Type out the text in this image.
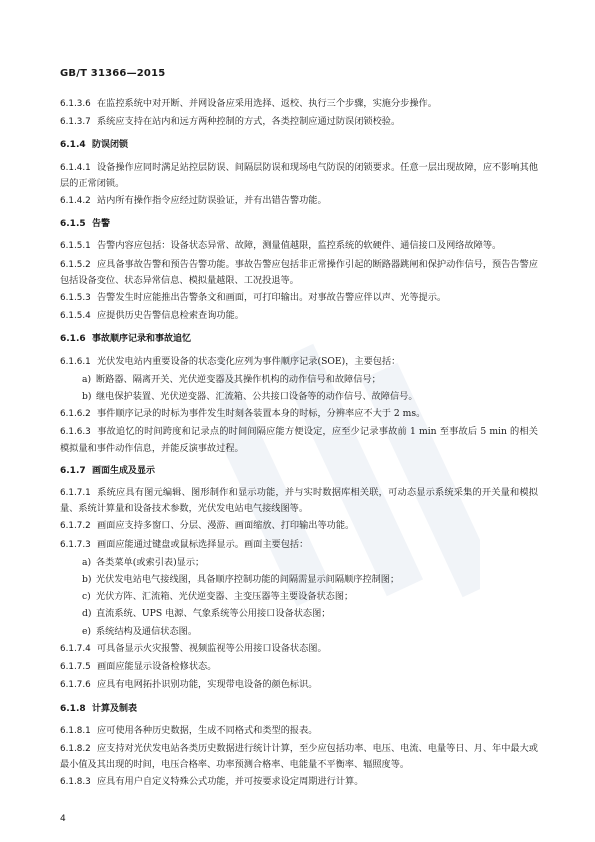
GB/T 31366—2015
6.1.3.6 在监控系统中对开断、并网设备应采用选择、返校、执行三个步骤，实施分步操作。
6.1.3.7 系统应支持在站内和远方两种控制的方式，各类控制应通过防误闭锁校验。
6.1.4 防误闭锁
6.1.4.1 设备操作应同时满足站控层防误、间隔层防误和现场电气防误的闭锁要求。任意一层出现故障，应不影响其他层的正常闭锁。
6.1.4.2 站内所有操作指令应经过防误验证，并有出错告警功能。
6.1.5 告警
6.1.5.1 告警内容应包括：设备状态异常、故障，测量值越限，监控系统的软硬件、通信接口及网络故障等。
6.1.5.2 应具备事故告警和预告告警功能。事故告警应包括非正常操作引起的断路器跳闸和保护动作信号，预告告警应包括设备变位、状态异常信息、模拟量越限、工况投退等。
6.1.5.3 告警发生时应能推出告警条文和画面，可打印输出。对事故告警应伴以声、光等提示。
6.1.5.4 应提供历史告警信息检索查询功能。
6.1.6 事故顺序记录和事故追忆
6.1.6.1 光伏发电站内重要设备的状态变化应列为事件顺序记录(SOE)，主要包括：
a) 断路器、隔离开关、光伏逆变器及其操作机构的动作信号和故障信号；
b) 继电保护装置、光伏逆变器、汇流箱、公共接口设备等的动作信号、故障信号。
6.1.6.2 事件顺序记录的时标为事件发生时刻各装置本身的时标，分辨率应不大于 2 ms。
6.1.6.3 事故追忆的时间跨度和记录点的时间间隔应能方便设定，应至少记录事故前 1 min 至事故后 5 min 的相关模拟量和事件动作信息，并能反演事故过程。
6.1.7 画面生成及显示
6.1.7.1 系统应具有图元编辑、图形制作和显示功能，并与实时数据库相关联，可动态显示系统采集的开关量和模拟量、系统计算量和设备技术参数，光伏发电站电气接线图等。
6.1.7.2 画面应支持多窗口、分层、漫游、画面缩放、打印输出等功能。
6.1.7.3 画面应能通过键盘或鼠标选择显示。画面主要包括：
a) 各类菜单(或索引表)显示；
b) 光伏发电站电气接线图，具备顺序控制功能的间隔需显示间隔顺序控制图；
c) 光伏方阵、汇流箱、光伏逆变器、主变压器等主要设备状态图；
d) 直流系统、UPS 电源、气象系统等公用接口设备状态图；
e) 系统结构及通信状态图。
6.1.7.4 可具备显示火灾报警、视频监视等公用接口设备状态图。
6.1.7.5 画面应能显示设备检修状态。
6.1.7.6 应具有电网拓扑识别功能，实现带电设备的颜色标识。
6.1.8 计算及制表
6.1.8.1 应可使用各种历史数据，生成不同格式和类型的报表。
6.1.8.2 应支持对光伏发电站各类历史数据进行统计计算，至少应包括功率、电压、电流、电量等日、月、年中最大或最小值及其出现的时间，电压合格率、功率预测合格率、电能量不平衡率、辐照度等。
6.1.8.3 应具有用户自定义特殊公式功能，并可按要求设定周期进行计算。
4
